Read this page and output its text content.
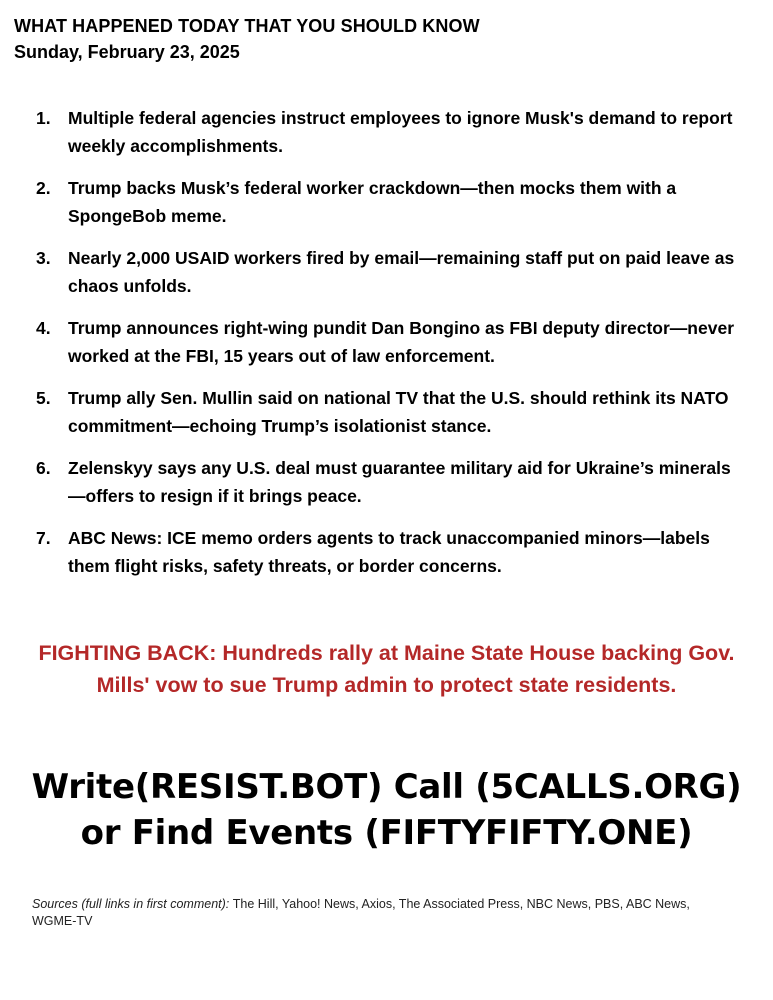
WHAT HAPPENED TODAY THAT YOU SHOULD KNOW
Sunday, February 23, 2025
1. Multiple federal agencies instruct employees to ignore Musk's demand to report weekly accomplishments.
2. Trump backs Musk’s federal worker crackdown—then mocks them with a SpongeBob meme.
3. Nearly 2,000 USAID workers fired by email—remaining staff put on paid leave as chaos unfolds.
4. Trump announces right-wing pundit Dan Bongino as FBI deputy director—never worked at the FBI, 15 years out of law enforcement.
5. Trump ally Sen. Mullin said on national TV that the U.S. should rethink its NATO commitment—echoing Trump’s isolationist stance.
6. Zelenskyy says any U.S. deal must guarantee military aid for Ukraine’s minerals—offers to resign if it brings peace.
7. ABC News: ICE memo orders agents to track unaccompanied minors—labels them flight risks, safety threats, or border concerns.
FIGHTING BACK: Hundreds rally at Maine State House backing Gov. Mills' vow to sue Trump admin to protect state residents.
Write(RESIST.BOT) Call (5CALLS.ORG)
or Find Events (FIFTYFIFTY.ONE)
Sources (full links in first comment): The Hill, Yahoo! News, Axios, The Associated Press, NBC News, PBS, ABC News, WGME-TV
